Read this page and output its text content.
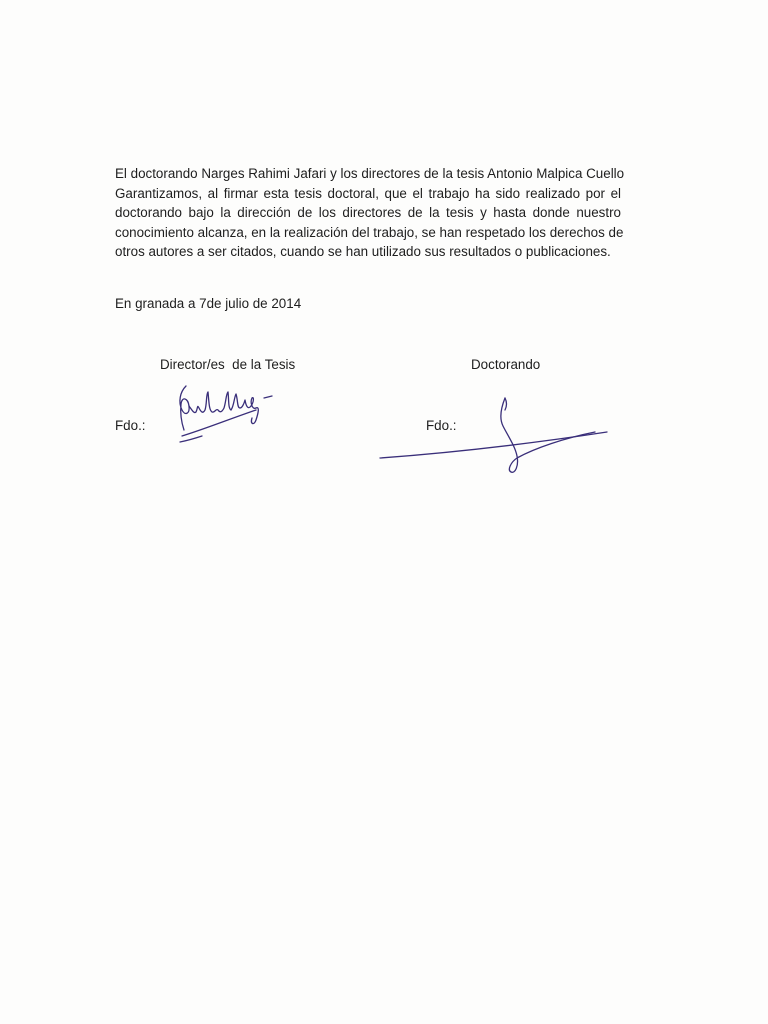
El doctorando Narges Rahimi Jafari y los directores de la tesis Antonio Malpica Cuello
Garantizamos, al firmar esta tesis doctoral, que el trabajo ha sido realizado por el
doctorando bajo la dirección de los directores de la tesis y hasta donde nuestro
conocimiento alcanza, en la realización del trabajo, se han respetado los derechos de
otros autores a ser citados, cuando se han utilizado sus resultados o publicaciones.

En granada a 7de julio de 2014

Director/es  de la Tesis	Doctorando

Fdo.:	Fdo.:
